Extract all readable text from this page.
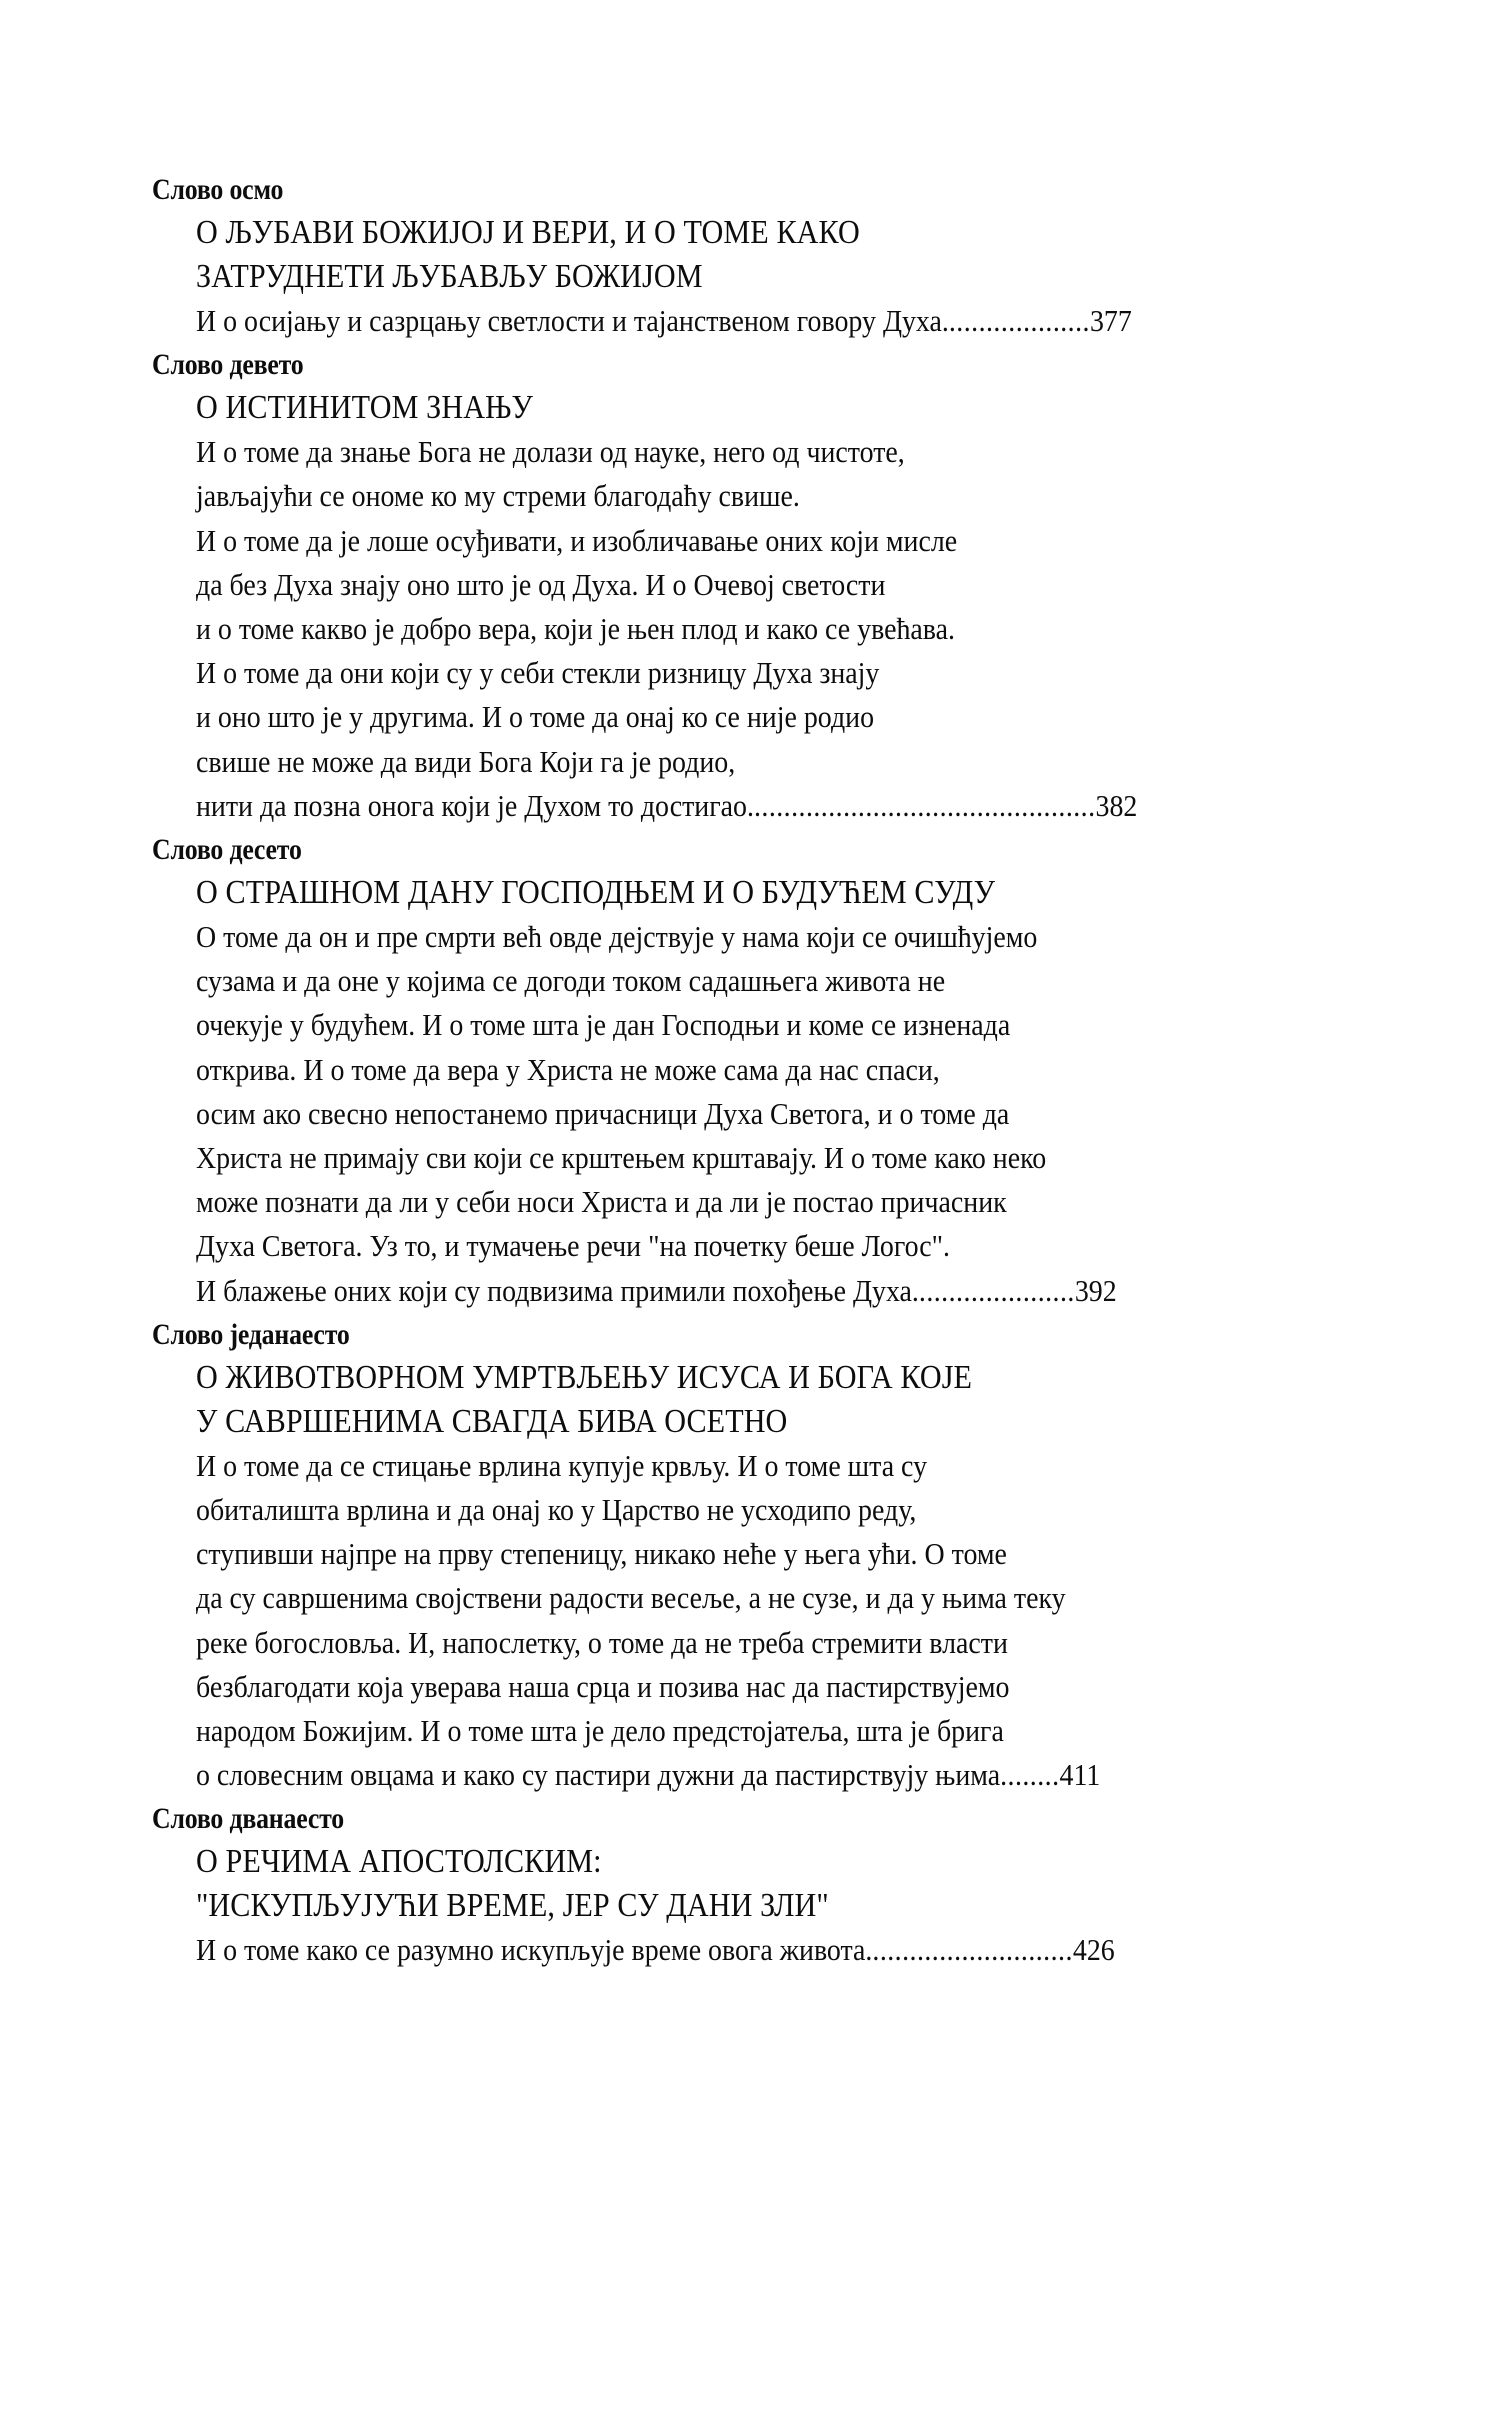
Слово осмо
О ЉУБАВИ БОЖИЈОЈ И ВЕРИ, И О ТОМЕ КАКО
ЗАТРУДНЕТИ ЉУБАВЉУ БОЖИЈОМ
И о осијању и сазрцању светлости и тајанственом говору Духа....................377
Слово девето
О ИСТИНИТОМ ЗНАЊУ
И о томе да знање Бога не долази од науке, него од чистоте,
јављајући се ономе ко му стреми благодаћу свише.
И о томе да је лоше осуђивати, и изобличавање оних који мисле
да без Духа знају оно што је од Духа. И о Очевој светости
и о томе какво је добро вера, који је њен плод и како се увећава.
И о томе да они који су у себи стекли ризницу Духа знају
и оно што је у другима. И о томе да онај ко се није родио
свише не може да види Бога Који га је родио,
нити да позна онога који је Духом то достигао...............................................382
Слово десето
О СТРАШНОМ ДАНУ ГОСПОДЊЕМ И О БУДУЋЕМ СУДУ
О томе да он и пре смрти већ овде дејствује у нама који се очишћујемо
сузама и да оне у којима се догоди током садашњега живота не
очекује у будућем. И о томе шта је дан Господњи и коме се изненада
открива. И о томе да вера у Христа не може сама да нас спаси,
осим ако свесно непостанемо причасници Духа Светога, и о томе да
Христа не примају сви који се крштењем крштавају. И о томе како неко
може познати да ли у себи носи Христа и да ли је постао причасник
Духа Светога. Уз то, и тумачење речи "на почетку беше Логос".
И блажење оних који су подвизима примили похођење Духа......................392
Слово једанаесто
О ЖИВОТВОРНОМ УМРТВЉЕЊУ ИСУСА И БОГА КОЈЕ
У САВРШЕНИМА СВАГДА БИВА ОСЕТНО
И о томе да се стицање врлина купује крвљу. И о томе шта су
обиталишта врлина и да онај ко у Царство не усходипо реду,
ступивши најпре на прву степеницу, никако неће у њега ући. О томе
да су савршенима својствени радости весеље, а не сузе, и да у њима теку
реке богословља. И, напослетку, о томе да не треба стремити власти
безблагодати која уверава наша срца и позива нас да пастирствујемо
народом Божијим. И о томе шта је дело предстојатеља, шта је брига
о словесним овцама и како су пастири дужни да пастирствују њима........411
Слово дванаесто
О РЕЧИМА АПОСТОЛСКИМ:
"ИСКУПЉУЈУЋИ ВРЕМЕ, ЈЕР СУ ДАНИ ЗЛИ"
И о томе како се разумно искупљује време овога живота............................426
